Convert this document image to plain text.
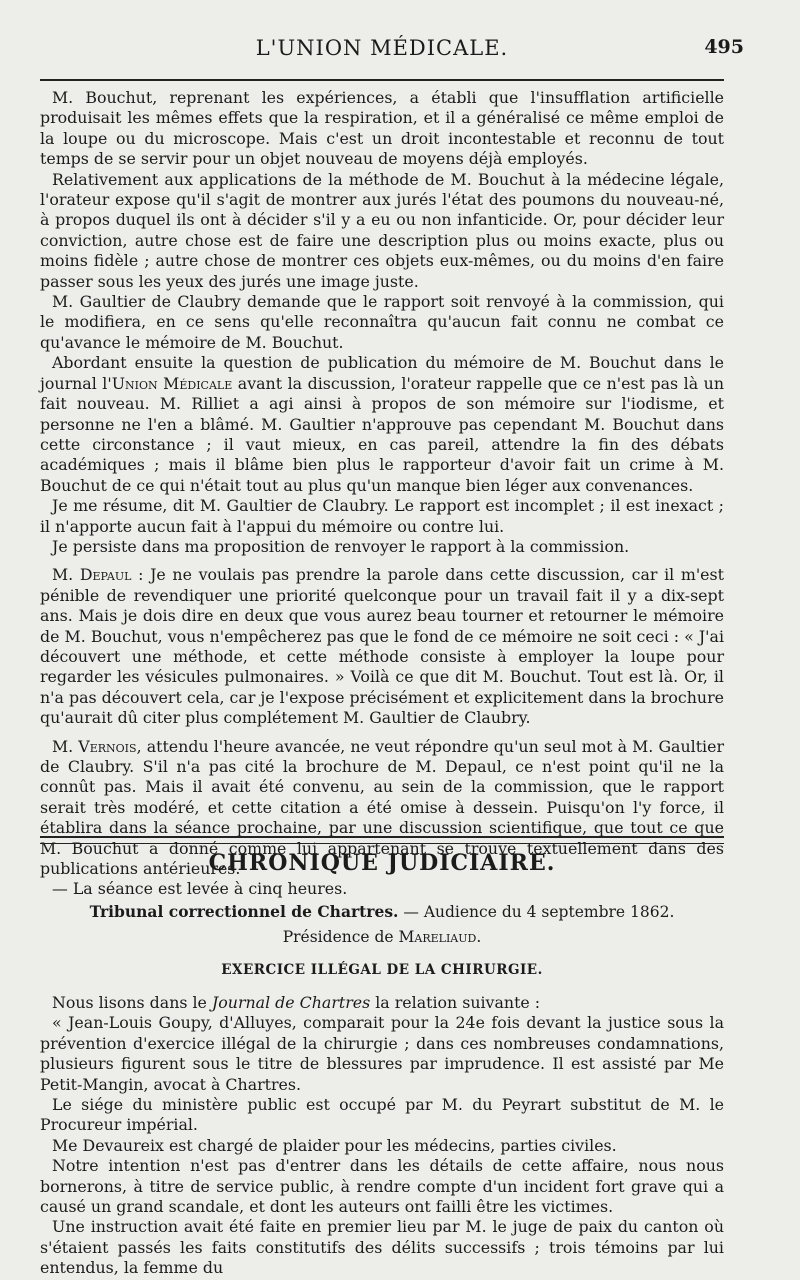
L'UNION MÉDICALE.	495

M. Bouchut, reprenant les expériences, a établi que l'insufflation artificielle produisait les mêmes effets que la respiration, et il a généralisé ce même emploi de la loupe ou du microscope. Mais c'est un droit incontestable et reconnu de tout temps de se servir pour un objet nouveau de moyens déjà employés.

Relativement aux applications de la méthode de M. Bouchut à la médecine légale, l'orateur expose qu'il s'agit de montrer aux jurés l'état des poumons du nouveau-né, à propos duquel ils ont à décider s'il y a eu ou non infanticide. Or, pour décider leur conviction, autre chose est de faire une description plus ou moins exacte, plus ou moins fidèle ; autre chose de montrer ces objets eux-mêmes, ou du moins d'en faire passer sous les yeux des jurés une image juste.

M. Gaultier de Claubry demande que le rapport soit renvoyé à la commission, qui le modifiera, en ce sens qu'elle reconnaîtra qu'aucun fait connu ne combat ce qu'avance le mémoire de M. Bouchut.

Abordant ensuite la question de publication du mémoire de M. Bouchut dans le journal l'Union Médicale avant la discussion, l'orateur rappelle que ce n'est pas là un fait nouveau. M. Rilliet a agi ainsi à propos de son mémoire sur l'iodisme, et personne ne l'en a blâmé. M. Gaultier n'approuve pas cependant M. Bouchut dans cette circonstance ; il vaut mieux, en cas pareil, attendre la fin des débats académiques ; mais il blâme bien plus le rapporteur d'avoir fait un crime à M. Bouchut de ce qui n'était tout au plus qu'un manque bien léger aux convenances.

Je me résume, dit M. Gaultier de Claubry. Le rapport est incomplet ; il est inexact ; il n'apporte aucun fait à l'appui du mémoire ou contre lui.

Je persiste dans ma proposition de renvoyer le rapport à la commission.

M. Depaul : Je ne voulais pas prendre la parole dans cette discussion, car il m'est pénible de revendiquer une priorité quelconque pour un travail fait il y a dix-sept ans. Mais je dois dire en deux que vous aurez beau tourner et retourner le mémoire de M. Bouchut, vous n'empêcherez pas que le fond de ce mémoire ne soit ceci : « J'ai découvert une méthode, et cette méthode consiste à employer la loupe pour regarder les vésicules pulmonaires. » Voilà ce que dit M. Bouchut. Tout est là. Or, il n'a pas découvert cela, car je l'expose précisément et explicitement dans la brochure qu'aurait dû citer plus complétement M. Gaultier de Claubry.

M. Vernois, attendu l'heure avancée, ne veut répondre qu'un seul mot à M. Gaultier de Claubry. S'il n'a pas cité la brochure de M. Depaul, ce n'est point qu'il ne la connût pas. Mais il avait été convenu, au sein de la commission, que le rapport serait très modéré, et cette citation a été omise à dessein. Puisqu'on l'y force, il établira dans la séance prochaine, par une discussion scientifique, que tout ce que M. Bouchut a donné comme lui appartenant se trouve textuellement dans des publications antérieures.

— La séance est levée à cinq heures.

CHRONIQUE JUDICIAIRE.
Tribunal correctionnel de Chartres. — Audience du 4 septembre 1862.
Présidence de Mareliaud.
EXERCICE ILLÉGAL DE LA CHIRURGIE.

Nous lisons dans le Journal de Chartres la relation suivante :

« Jean-Louis Goupy, d'Alluyes, comparait pour la 24e fois devant la justice sous la prévention d'exercice illégal de la chirurgie ; dans ces nombreuses condamnations, plusieurs figurent sous le titre de blessures par imprudence. Il est assisté par Me Petit-Mangin, avocat à Chartres.

Le siége du ministère public est occupé par M. du Peyrart substitut de M. le Procureur impérial.

Me Devaureix est chargé de plaider pour les médecins, parties civiles.

Notre intention n'est pas d'entrer dans les détails de cette affaire, nous nous bornerons, à titre de service public, à rendre compte d'un incident fort grave qui a causé un grand scandale, et dont les auteurs ont failli être les victimes.

Une instruction avait été faite en premier lieu par M. le juge de paix du canton où s'étaient passés les faits constitutifs des délits successifs ; trois témoins par lui entendus, la femme du
